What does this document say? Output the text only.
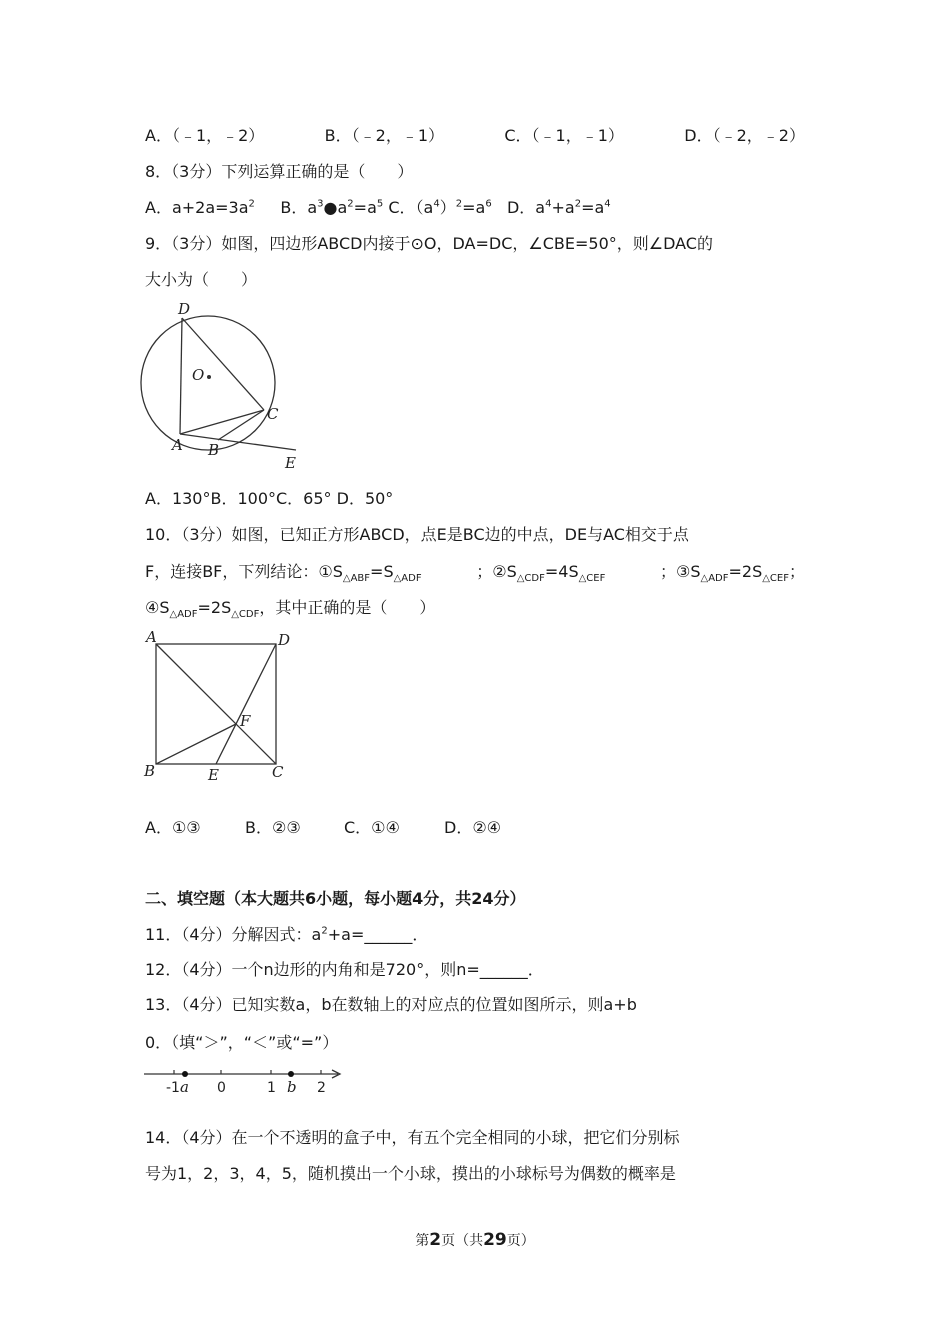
A．（﹣1，﹣2）	B．（﹣2，﹣1）	C．（﹣1，﹣1）	D．（﹣2，﹣2）
8．（3分）下列运算正确的是（　　）
A．$a+2a=3a^2$ B．$a^3●a^2=a^5$ C．$(a^4)^2=a^6$ D．$a^4+a^2=a^4$
9．（3分）如图，四边形ABCD内接于⊙O，DA=DC，∠CBE=50°，则∠DAC的
大小为（　　）
D
O
C
A B
E
A．130°B．100°C．65° D．50°
10．（3分）如图，已知正方形ABCD，点E是BC边的中点，DE与AC相交于点
F，连接BF，下列结论：$①S_{\triangle ABF}=S_{\triangle ADF}$	；$②S_{\triangle CDF}=4S_{\triangle CEF}$	；$③S_{\triangle ADF}=2S_{\triangle CEF}$；
$④S_{\triangle ADF}=2S_{\triangle CDF}$，其中正确的是（　　）
A	D
F
B	E	C
A．①③	B．②③	C．①④	D．②④
二、填空题（本大题共6小题，每小题4分，共24分）
11．（4分）分解因式：$a^2+a=\_\_\_\_\_\_$．
12．（4分）一个n边形的内角和是720°，则n=______．
13．（4分）已知实数a，b在数轴上的对应点的位置如图所示，则a+b
0．（填“＞”，“＜”或“=”）
-1 a 0	1 b 2
14．（4分）在一个不透明的盒子中，有五个完全相同的小球，把它们分别标
号为1，2，3，4，5，随机摸出一个小球，摸出的小球标号为偶数的概率是
第2页（共29页）
